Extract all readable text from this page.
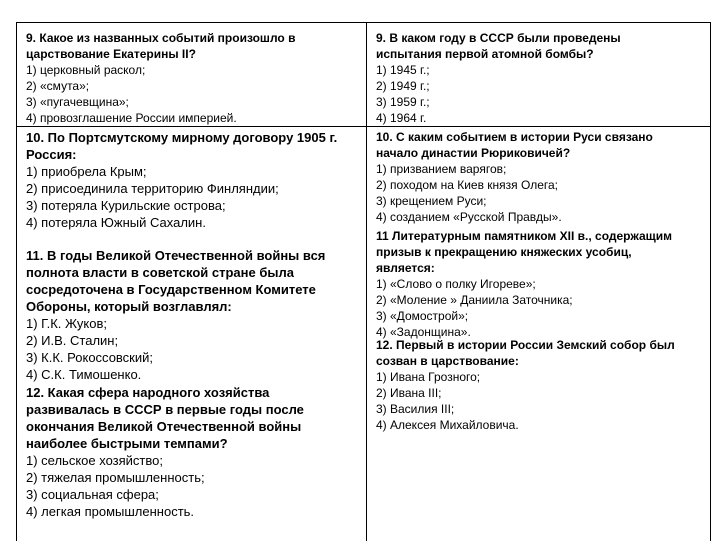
9. Какое из названных событий произошло в
царствование Екатерины II?
1) церковный раскол;
2) «смута»;
3) «пугачевщина»;
4) провозглашение России империей.
10. По Портсмутскому мирному договору 1905 г.
Россия:
1) приобрела Крым;
2) присоединила территорию Финляндии;
3) потеряла Курильские острова;
4) потеряла Южный Сахалин.
11. В годы Великой Отечественной войны вся
полнота власти в советской стране была
сосредоточена в Государственном Комитете
Обороны, который возглавлял:
1) Г.К. Жуков;
2) И.В. Сталин;
3) К.К. Рокоссовский;
4) С.К. Тимошенко.
12. Какая сфера народного хозяйства
развивалась в СССР в первые годы после
окончания Великой Отечественной войны
наиболее быстрыми темпами?
1) сельское хозяйство;
2) тяжелая промышленность;
3) социальная сфера;
4) легкая промышленность.
9. В каком году в СССР были проведены
испытания первой атомной бомбы?
1) 1945 г.;
2) 1949 г.;
3) 1959 г.;
4) 1964 г.
10. С каким событием в истории Руси связано
начало династии Рюриковичей?
1) призванием варягов;
2) походом на Киев князя Олега;
3) крещением Руси;
4) созданием «Русской Правды».
11 Литературным памятником XII в., содержащим
призыв к прекращению княжеских усобиц,
является:
1) «Слово о полку Игореве»;
2) «Моление » Даниила Заточника;
3) «Домострой»;
4) «Задонщина».
12. Первый в истории России Земский собор был
созван в царствование:
1) Ивана Грозного;
2) Ивана III;
3) Василия III;
4) Алексея Михайловича.
